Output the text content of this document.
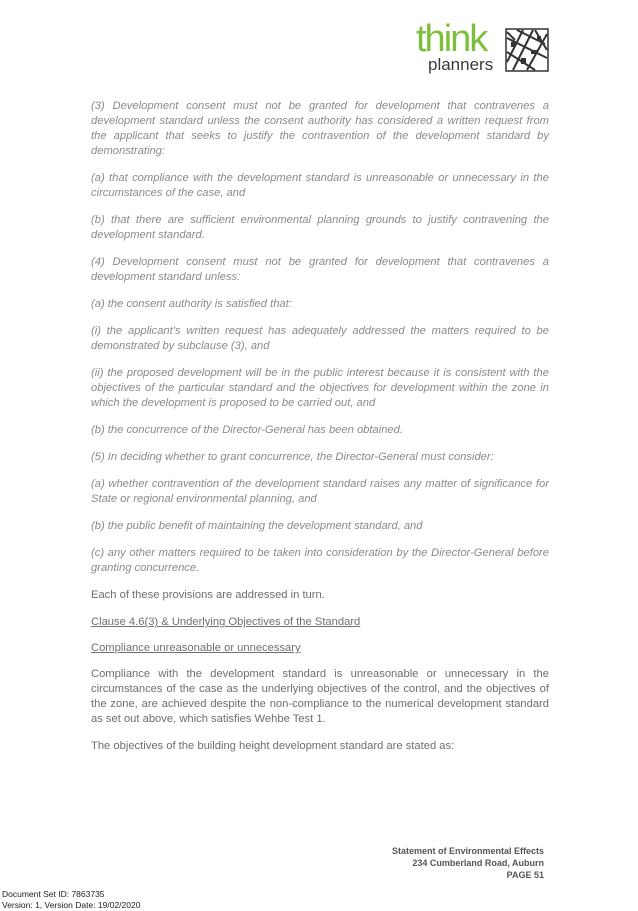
think
planners

(3) Development consent must not be granted for development that contravenes a development standard unless the consent authority has considered a written request from the applicant that seeks to justify the contravention of the development standard by demonstrating:

(a) that compliance with the development standard is unreasonable or unnecessary in the circumstances of the case, and

(b) that there are sufficient environmental planning grounds to justify contravening the development standard.

(4) Development consent must not be granted for development that contravenes a development standard unless:

(a) the consent authority is satisfied that:

(i) the applicant’s written request has adequately addressed the matters required to be demonstrated by subclause (3), and

(ii) the proposed development will be in the public interest because it is consistent with the objectives of the particular standard and the objectives for development within the zone in which the development is proposed to be carried out, and

(b) the concurrence of the Director-General has been obtained.

(5) In deciding whether to grant concurrence, the Director-General must consider:

(a) whether contravention of the development standard raises any matter of significance for State or regional environmental planning, and

(b) the public benefit of maintaining the development standard, and

(c) any other matters required to be taken into consideration by the Director-General before granting concurrence.

Each of these provisions are addressed in turn.

Clause 4.6(3) & Underlying Objectives of the Standard

Compliance unreasonable or unnecessary

Compliance with the development standard is unreasonable or unnecessary in the circumstances of the case as the underlying objectives of the control, and the objectives of the zone, are achieved despite the non-compliance to the numerical development standard as set out above, which satisfies Wehbe Test 1.

The objectives of the building height development standard are stated as:

Statement of Environmental Effects
234 Cumberland Road, Auburn
PAGE 51
Document Set ID: 7863735
Version: 1, Version Date: 19/02/2020
